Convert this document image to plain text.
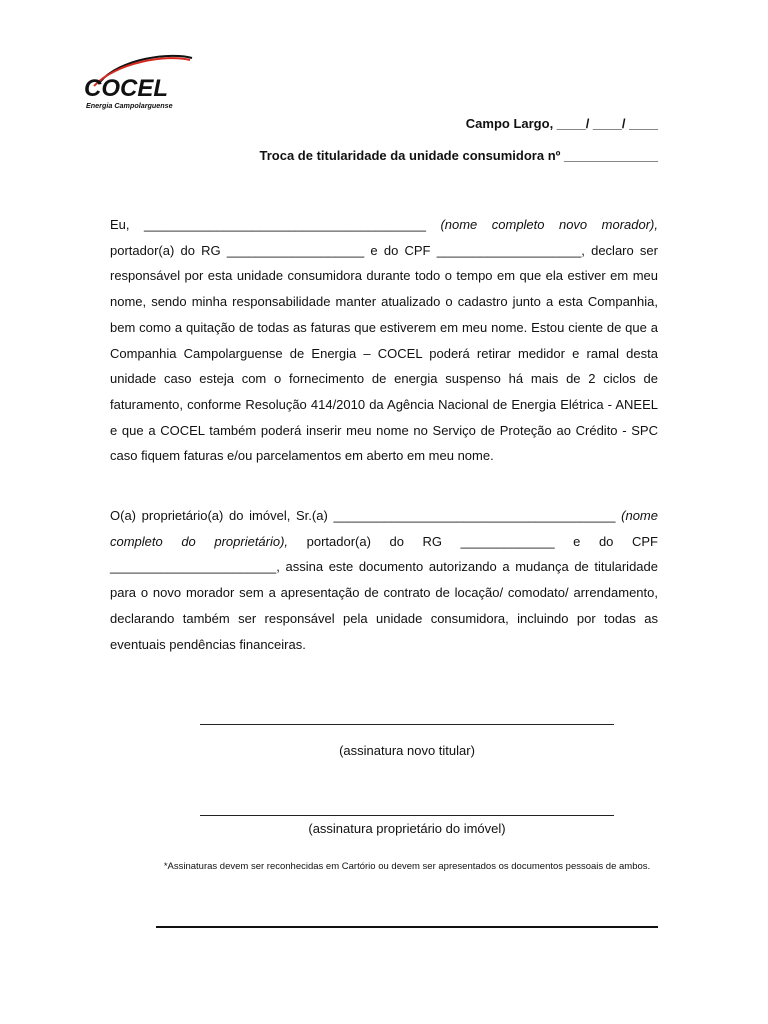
COCEL
Energia Campolarguense
Campo Largo, ____/ ____/ ____
Troca de titularidade da unidade consumidora nº _____________
Eu, _______________________________________ (nome completo novo morador), portador(a) do RG ___________________ e do CPF ____________________, declaro ser responsável por esta unidade consumidora durante todo o tempo em que ela estiver em meu nome, sendo minha responsabilidade manter atualizado o cadastro junto a esta Companhia, bem como a quitação de todas as faturas que estiverem em meu nome. Estou ciente de que a Companhia Campolarguense de Energia – COCEL poderá retirar medidor e ramal desta unidade caso esteja com o fornecimento de energia suspenso há mais de 2 ciclos de faturamento, conforme Resolução 414/2010 da Agência Nacional de Energia Elétrica - ANEEL e que a COCEL também poderá inserir meu nome no Serviço de Proteção ao Crédito - SPC caso fiquem faturas e/ou parcelamentos em aberto em meu nome.
O(a) proprietário(a) do imóvel, Sr.(a) _______________________________________ (nome completo do proprietário), portador(a) do RG _____________ e do CPF _______________________, assina este documento autorizando a mudança de titularidade para o novo morador sem a apresentação de contrato de locação/ comodato/ arrendamento, declarando também ser responsável pela unidade consumidora, incluindo por todas as eventuais pendências financeiras.
(assinatura novo titular)
(assinatura proprietário do imóvel)
*Assinaturas devem ser reconhecidas em Cartório ou devem ser apresentados os documentos pessoais de ambos.
